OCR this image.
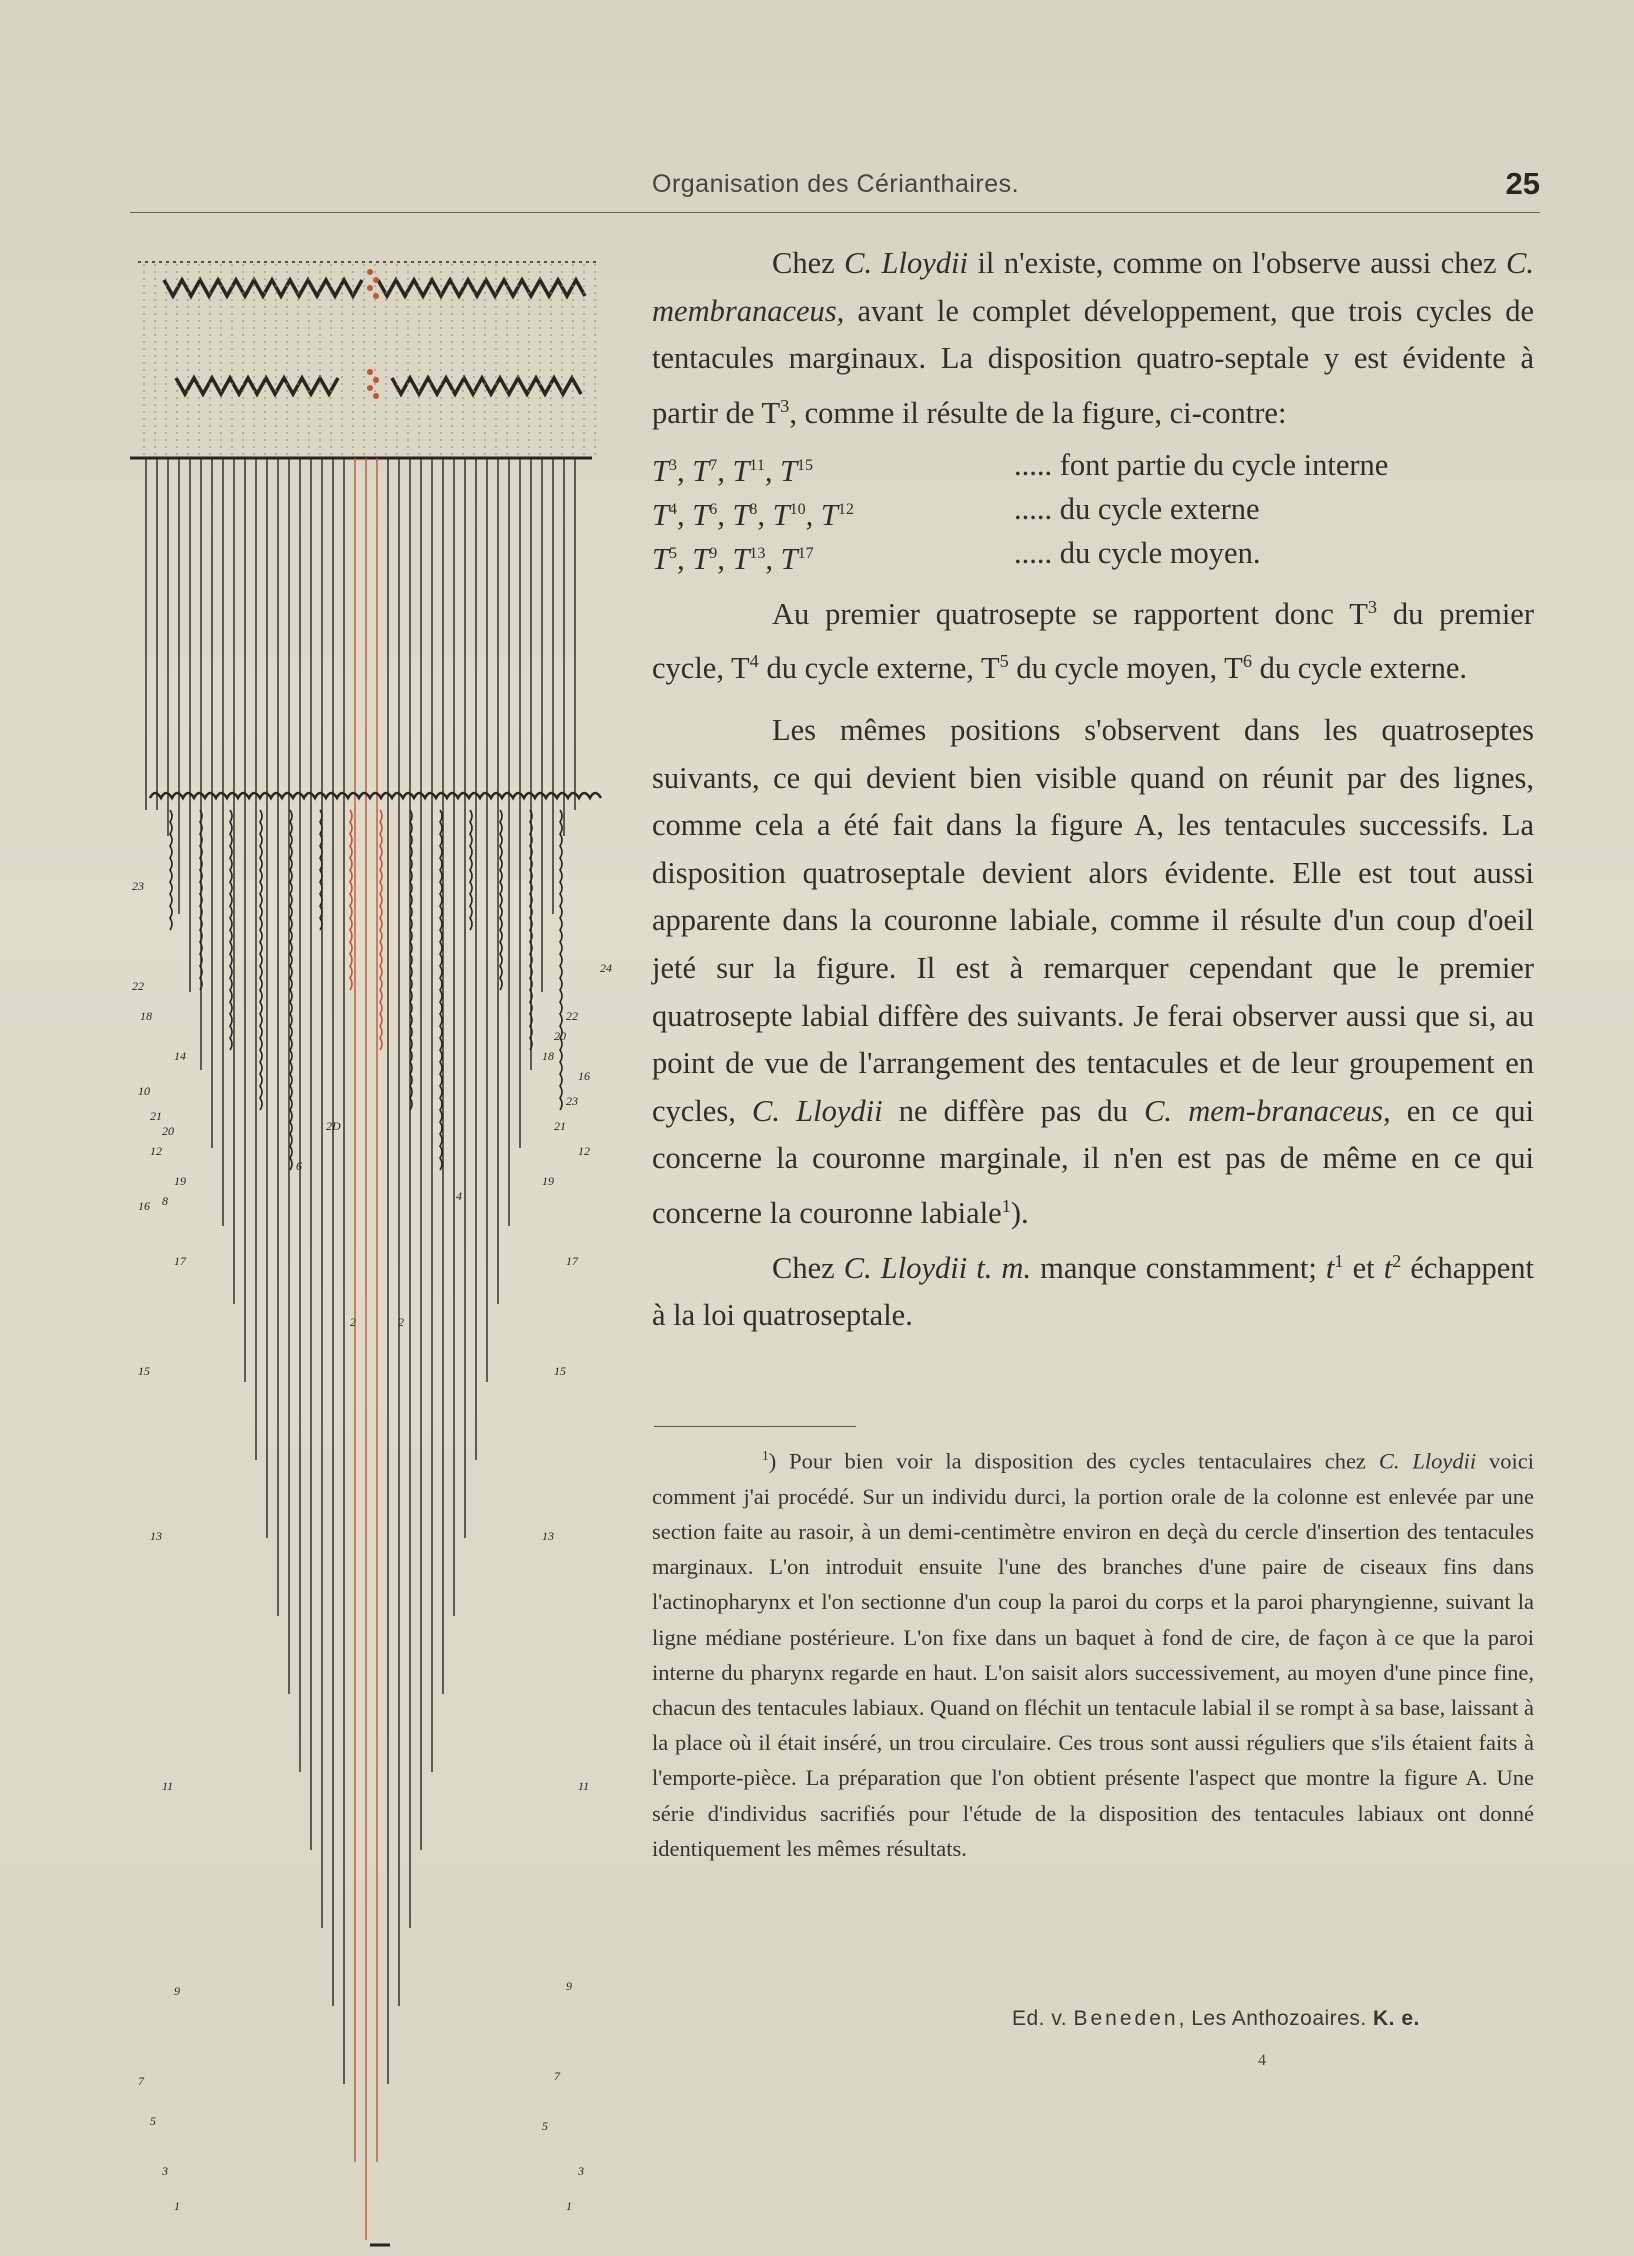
Organisation des Cérianthaires.	25
23
22
18
14
10
21
20
19
16
12
8
17
15
13
11
9
7
5
3
1
24
22
20
18
16
23
21
19
12
17
15
13
11
9
7
5
3
1
2D
6
2	2
4

Chez C. Lloydii il n'existe, comme on l'observe aussi chez C. membranaceus, avant le complet développement, que trois cycles de tentacules marginaux. La disposition quatro-septale y est évidente à partir de $T^3$, comme il résulte de la figure, ci-contre:

$T^3$, $T^7$, $T^{11}$, $T^{15}$	..... font partie du cycle interne
$T^4$, $T^6$, $T^8$, $T^{10}$, $T^{12}$	..... du cycle externe
$T^5$, $T^9$, $T^{13}$, $T^{17}$	..... du cycle moyen.

Au premier quatrosepte se rapportent donc $T^3$ du premier cycle, $T^4$ du cycle externe, $T^5$ du cycle moyen, $T^6$ du cycle externe.

Les mêmes positions s'observent dans les quatroseptes suivants, ce qui devient bien visible quand on réunit par des lignes, comme cela a été fait dans la figure A, les tentacules successifs. La disposition quatroseptale devient alors évidente. Elle est tout aussi apparente dans la couronne labiale, comme il résulte d'un coup d'oeil jeté sur la figure. Il est à remarquer cependant que le premier quatrosepte labial diffère des suivants. Je ferai observer aussi que si, au point de vue de l'arrangement des tentacules et de leur groupement en cycles, C. Lloydii ne diffère pas du C. mem-branaceus, en ce qui concerne la couronne marginale, il n'en est pas de même en ce qui concerne la couronne labiale$^1$).

Chez C. Lloydii t. m. manque constamment; $t^1$ et $t^2$ échappent à la loi quatroseptale.

$^1$) Pour bien voir la disposition des cycles tentaculaires chez C. Lloydii voici comment j'ai procédé. Sur un individu durci, la portion orale de la colonne est enlevée par une section faite au rasoir, à un demi-centimètre environ en deçà du cercle d'insertion des tentacules marginaux. L'on introduit ensuite l'une des branches d'une paire de ciseaux fins dans l'actinopharynx et l'on sectionne d'un coup la paroi du corps et la paroi pharyngienne, suivant la ligne médiane postérieure. L'on fixe dans un baquet à fond de cire, de façon à ce que la paroi interne du pharynx regarde en haut. L'on saisit alors successivement, au moyen d'une pince fine, chacun des tentacules labiaux. Quand on fléchit un tentacule labial il se rompt à sa base, laissant à la place où il était inséré, un trou circulaire. Ces trous sont aussi réguliers que s'ils étaient faits à l'emporte-pièce. La préparation que l'on obtient présente l'aspect que montre la figure A. Une série d'individus sacrifiés pour l'étude de la disposition des tentacules labiaux ont donné identiquement les mêmes résultats.
Ed. v. Beneden, Les Anthozoaires. K. e.
4
